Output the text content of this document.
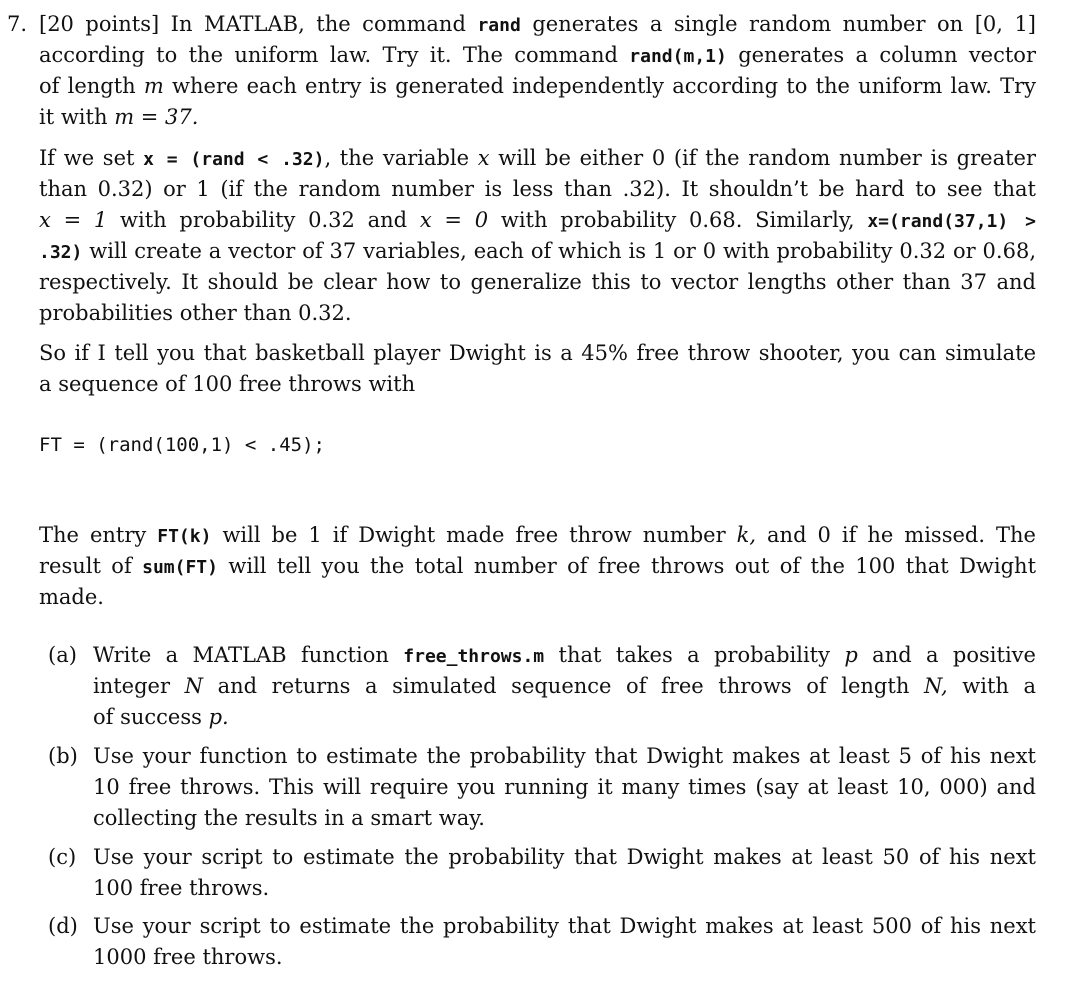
7. [20 points] In MATLAB, the command rand generates a single random number on [0, 1]
according to the uniform law. Try it. The command rand(m,1) generates a column vector
of length m where each entry is generated independently according to the uniform law. Try
it with m = 37.
If we set x = (rand < .32), the variable x will be either 0 (if the random number is greater
than 0.32) or 1 (if the random number is less than .32). It shouldn’t be hard to see that
x = 1 with probability 0.32 and x = 0 with probability 0.68. Similarly, x=(rand(37,1) >
.32) will create a vector of 37 variables, each of which is 1 or 0 with probability 0.32 or 0.68,
respectively. It should be clear how to generalize this to vector lengths other than 37 and
probabilities other than 0.32.
So if I tell you that basketball player Dwight is a 45% free throw shooter, you can simulate
a sequence of 100 free throws with
FT = (rand(100,1) < .45);
The entry FT(k) will be 1 if Dwight made free throw number k, and 0 if he missed. The
result of sum(FT) will tell you the total number of free throws out of the 100 that Dwight
made.
(a) Write a MATLAB function free_throws.m that takes a probability p and a positive
integer N and returns a simulated sequence of free throws of length N, with a
of success p.
(b) Use your function to estimate the probability that Dwight makes at least 5 of his next
10 free throws. This will require you running it many times (say at least 10, 000) and
collecting the results in a smart way.
(c) Use your script to estimate the probability that Dwight makes at least 50 of his next
100 free throws.
(d) Use your script to estimate the probability that Dwight makes at least 500 of his next
1000 free throws.
